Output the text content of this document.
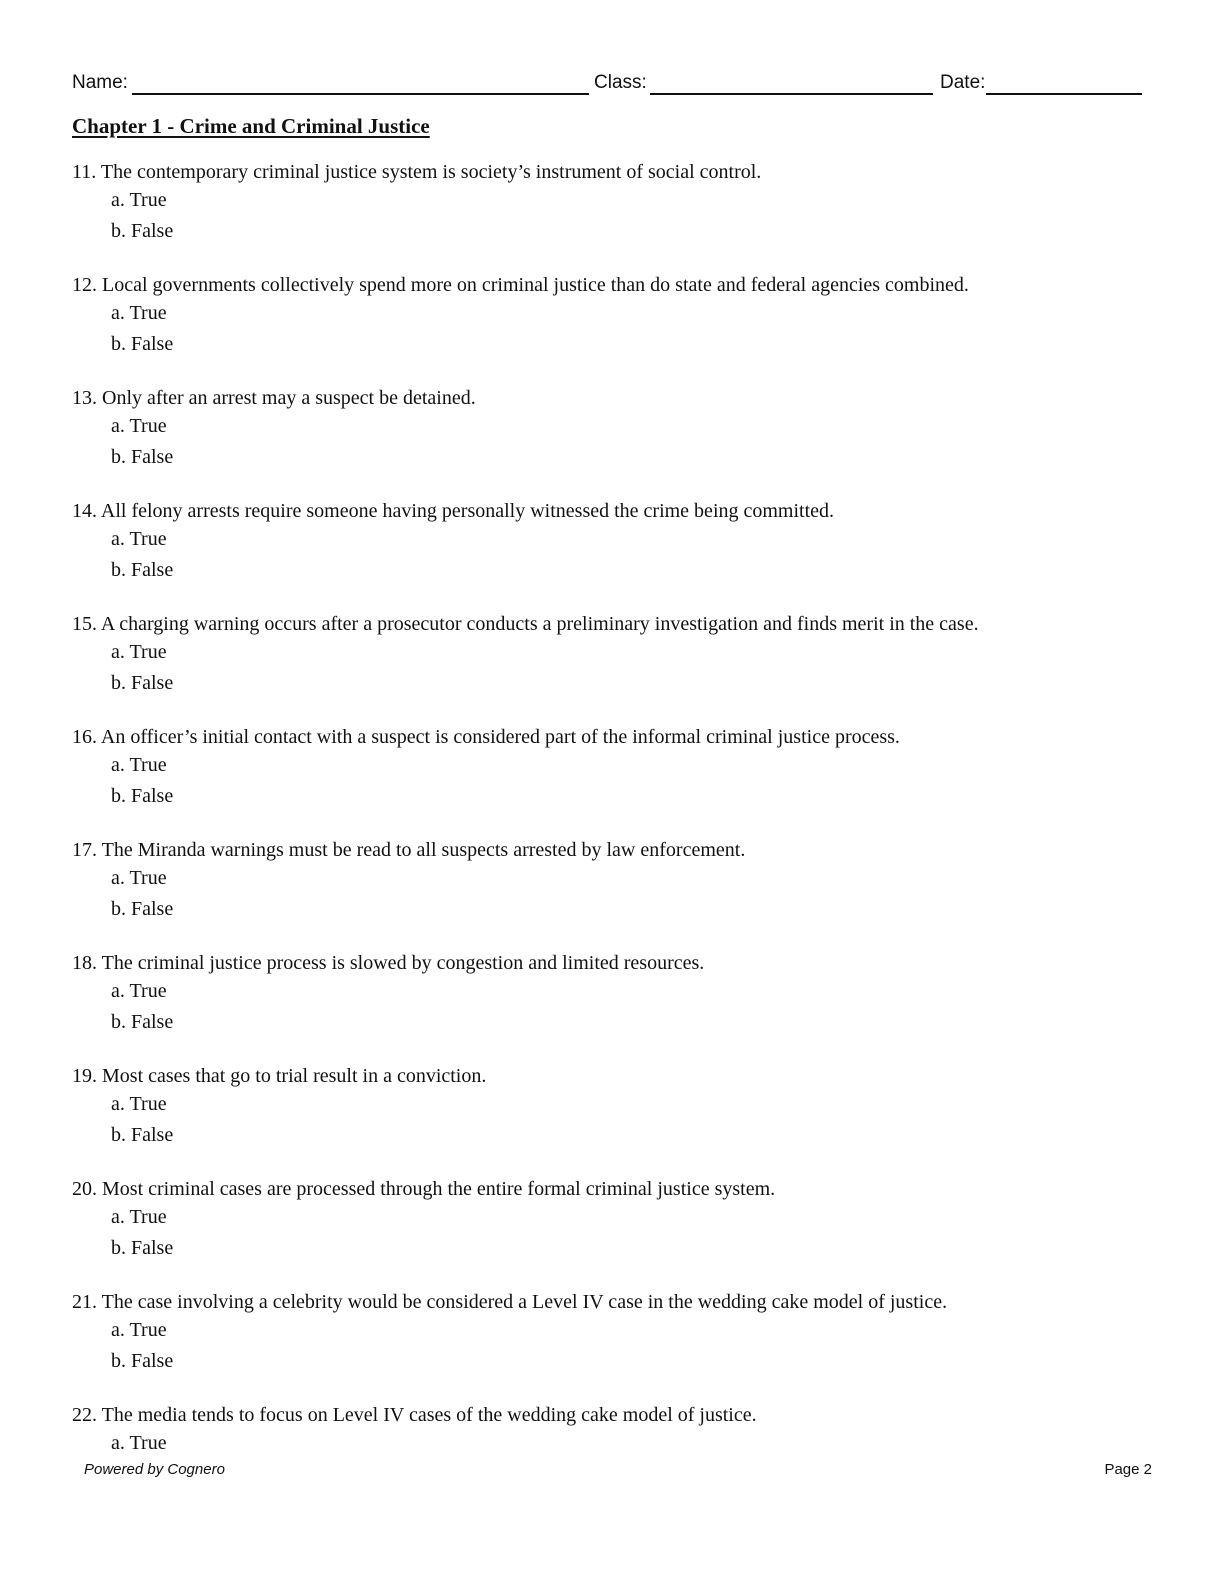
Name:	Class:	Date:
Chapter 1 - Crime and Criminal Justice
11. The contemporary criminal justice system is society’s instrument of social control.
a. True
b. False
12. Local governments collectively spend more on criminal justice than do state and federal agencies combined.
a. True
b. False
13. Only after an arrest may a suspect be detained.
a. True
b. False
14. All felony arrests require someone having personally witnessed the crime being committed.
a. True
b. False
15. A charging warning occurs after a prosecutor conducts a preliminary investigation and finds merit in the case.
a. True
b. False
16. An officer’s initial contact with a suspect is considered part of the informal criminal justice process.
a. True
b. False
17. The Miranda warnings must be read to all suspects arrested by law enforcement.
a. True
b. False
18. The criminal justice process is slowed by congestion and limited resources.
a. True
b. False
19. Most cases that go to trial result in a conviction.
a. True
b. False
20. Most criminal cases are processed through the entire formal criminal justice system.
a. True
b. False
21. The case involving a celebrity would be considered a Level IV case in the wedding cake model of justice.
a. True
b. False
22. The media tends to focus on Level IV cases of the wedding cake model of justice.
a. True
Powered by Cognero	Page 2
